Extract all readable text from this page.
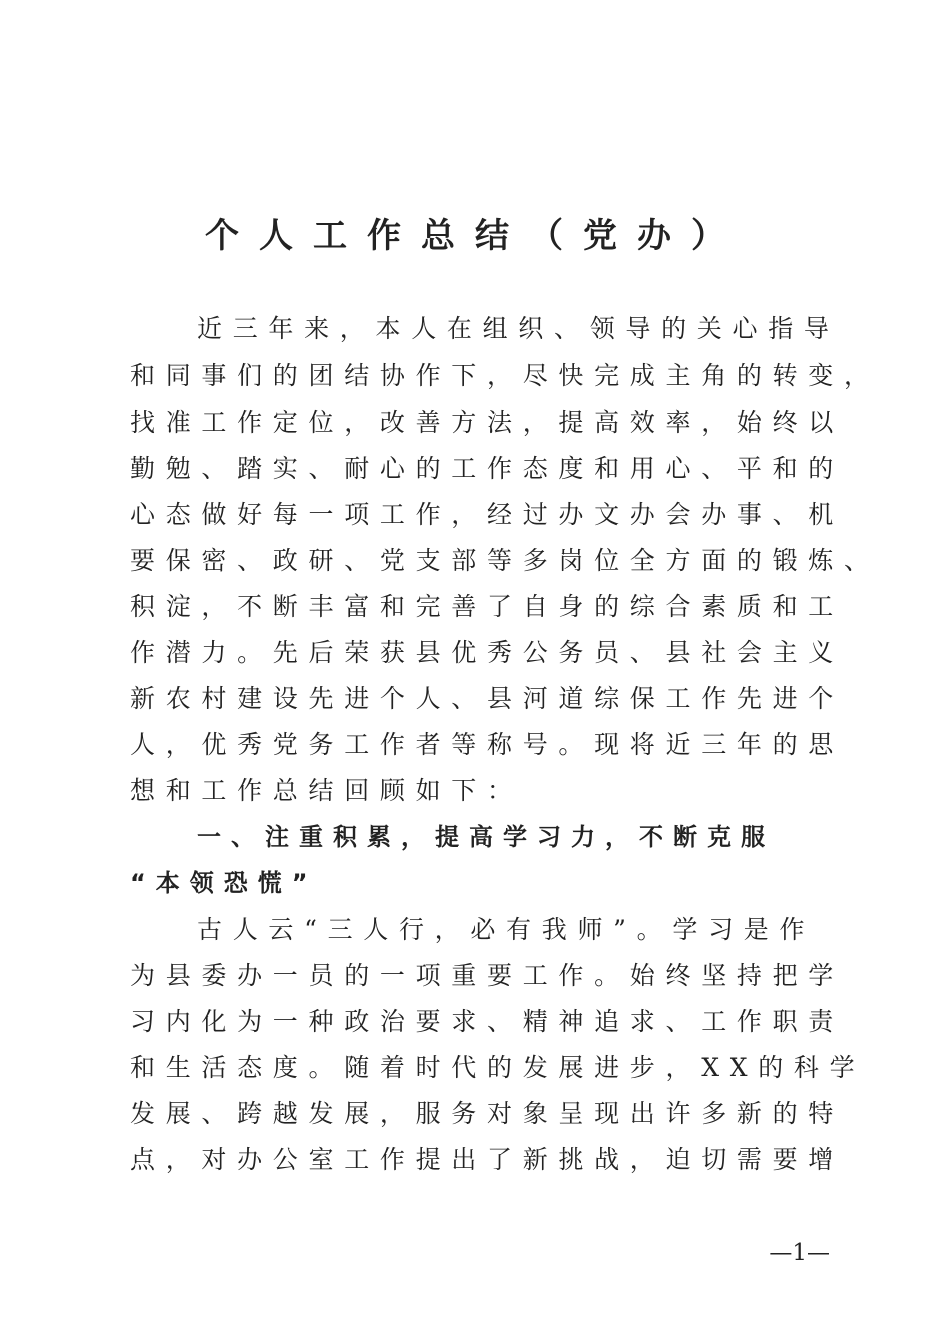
个人工作总结（党办）

近三年来，本人在组织、领导的关心指导

和同事们的团结协作下，尽快完成主角的转变，

找准工作定位，改善方法，提高效率，始终以

勤勉、踏实、耐心的工作态度和用心、平和的

心态做好每一项工作，经过办文办会办事、机

要保密、政研、党支部等多岗位全方面的锻炼、

积淀，不断丰富和完善了自身的综合素质和工

作潜力。先后荣获县优秀公务员、县社会主义

新农村建设先进个人、县河道综保工作先进个

人，优秀党务工作者等称号。现将近三年的思

想和工作总结回顾如下：

一、注重积累，提高学习力，不断克服

“本领恐慌”

古人云“三人行，必有我师”。学习是作

为县委办一员的一项重要工作。始终坚持把学

习内化为一种政治要求、精神追求、工作职责

和生活态度。随着时代的发展进步，XX的科学

发展、跨越发展，服务对象呈现出许多新的特

点，对办公室工作提出了新挑战，迫切需要增

—1—
